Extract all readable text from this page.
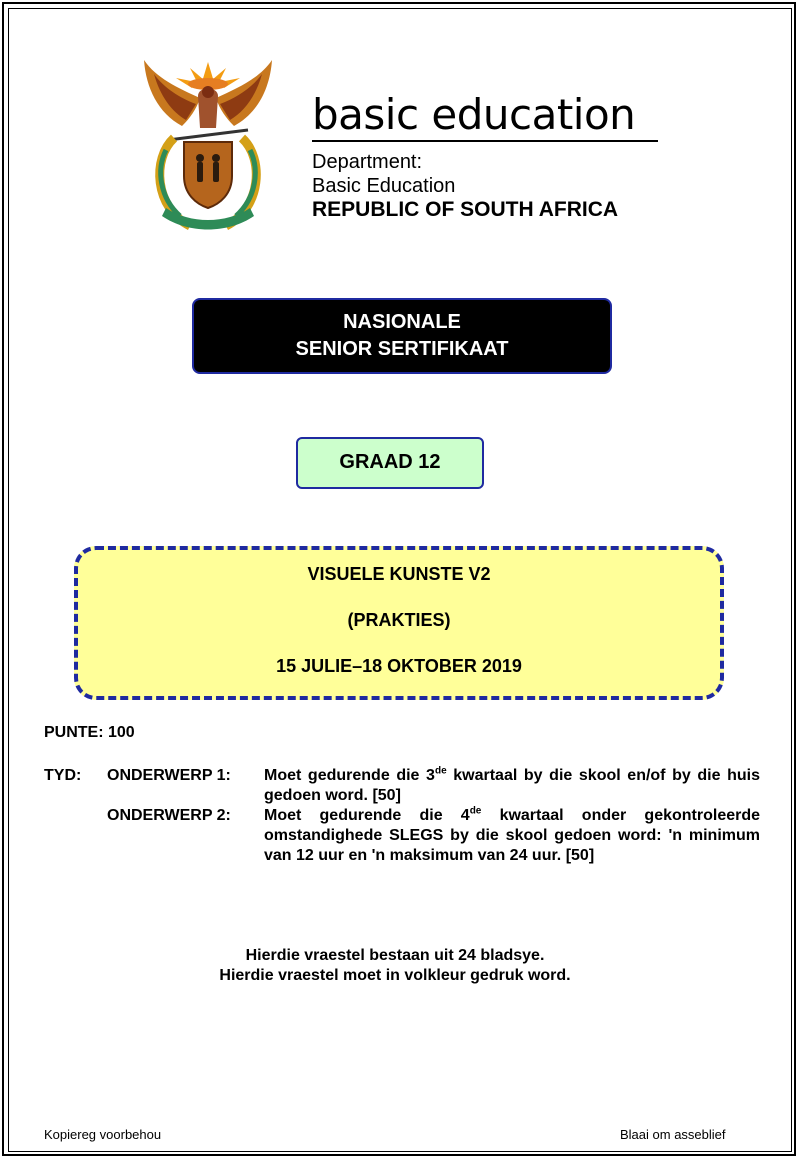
basic education
Department:
Basic Education
REPUBLIC OF SOUTH AFRICA
NASIONALE
SENIOR SERTIFIKAAT
GRAAD 12
VISUELE KUNSTE V2
(PRAKTIES)
15 JULIE–18 OKTOBER 2019
PUNTE: 100
TYD: ONDERWERP 1: Moet gedurende die 3de kwartaal by die skool en/of by die huis gedoen word. [50]
ONDERWERP 2: Moet gedurende die 4de kwartaal onder gekontroleerde omstandighede SLEGS by die skool gedoen word: 'n minimum van 12 uur en 'n maksimum van 24 uur. [50]
Hierdie vraestel bestaan uit 24 bladsye.
Hierdie vraestel moet in volkleur gedruk word.
Kopiereg voorbehou	Blaai om asseblief
